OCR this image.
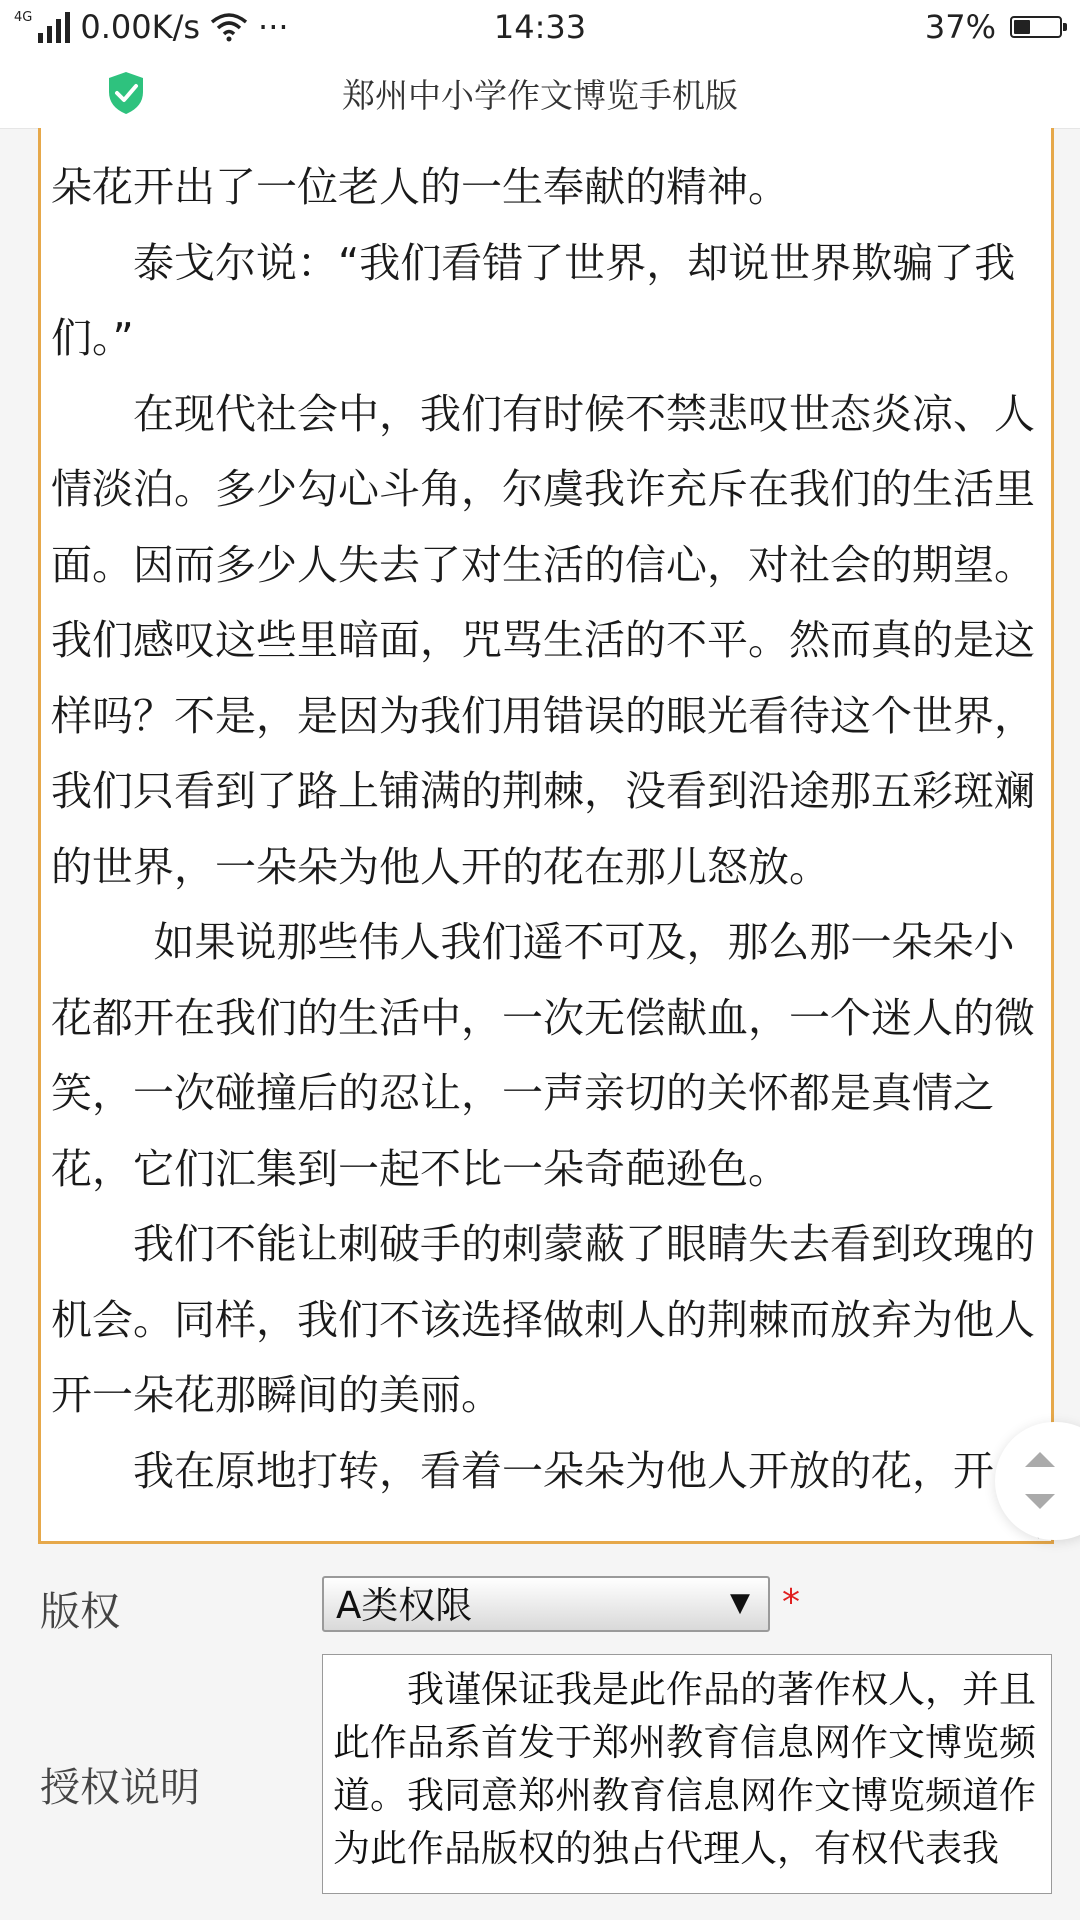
4G 0.00K/s ···	14:33	37%
郑州中小学作文博览手机版

朵花开出了一位老人的一生奉献的精神。

泰戈尔说：“我们看错了世界，却说世界欺骗了我们。”

在现代社会中，我们有时候不禁悲叹世态炎凉、人情淡泊。多少勾心斗角，尔虞我诈充斥在我们的生活里面。因而多少人失去了对生活的信心，对社会的期望。我们感叹这些里暗面，咒骂生活的不平。然而真的是这样吗？不是，是因为我们用错误的眼光看待这个世界，我们只看到了路上铺满的荆棘，没看到沿途那五彩斑斓的世界，一朵朵为他人开的花在那儿怒放。

如果说那些伟人我们遥不可及，那么那一朵朵小花都开在我们的生活中，一次无偿献血，一个迷人的微笑，一次碰撞后的忍让，一声亲切的关怀都是真情之花，它们汇集到一起不比一朵奇葩逊色。

我们不能让刺破手的刺蒙蔽了眼睛失去看到玫瑰的机会。同样，我们不该选择做刺人的荆棘而放弃为他人开一朵花那瞬间的美丽。

我在原地打转，看着一朵朵为他人开放的花，开

版权	A类权限	▼ *
授权说明
我谨保证我是此作品的著作权人，并且此作品系首发于郑州教育信息网作文博览频道。我同意郑州教育信息网作文博览频道作为此作品版权的独占代理人，有权代表我
